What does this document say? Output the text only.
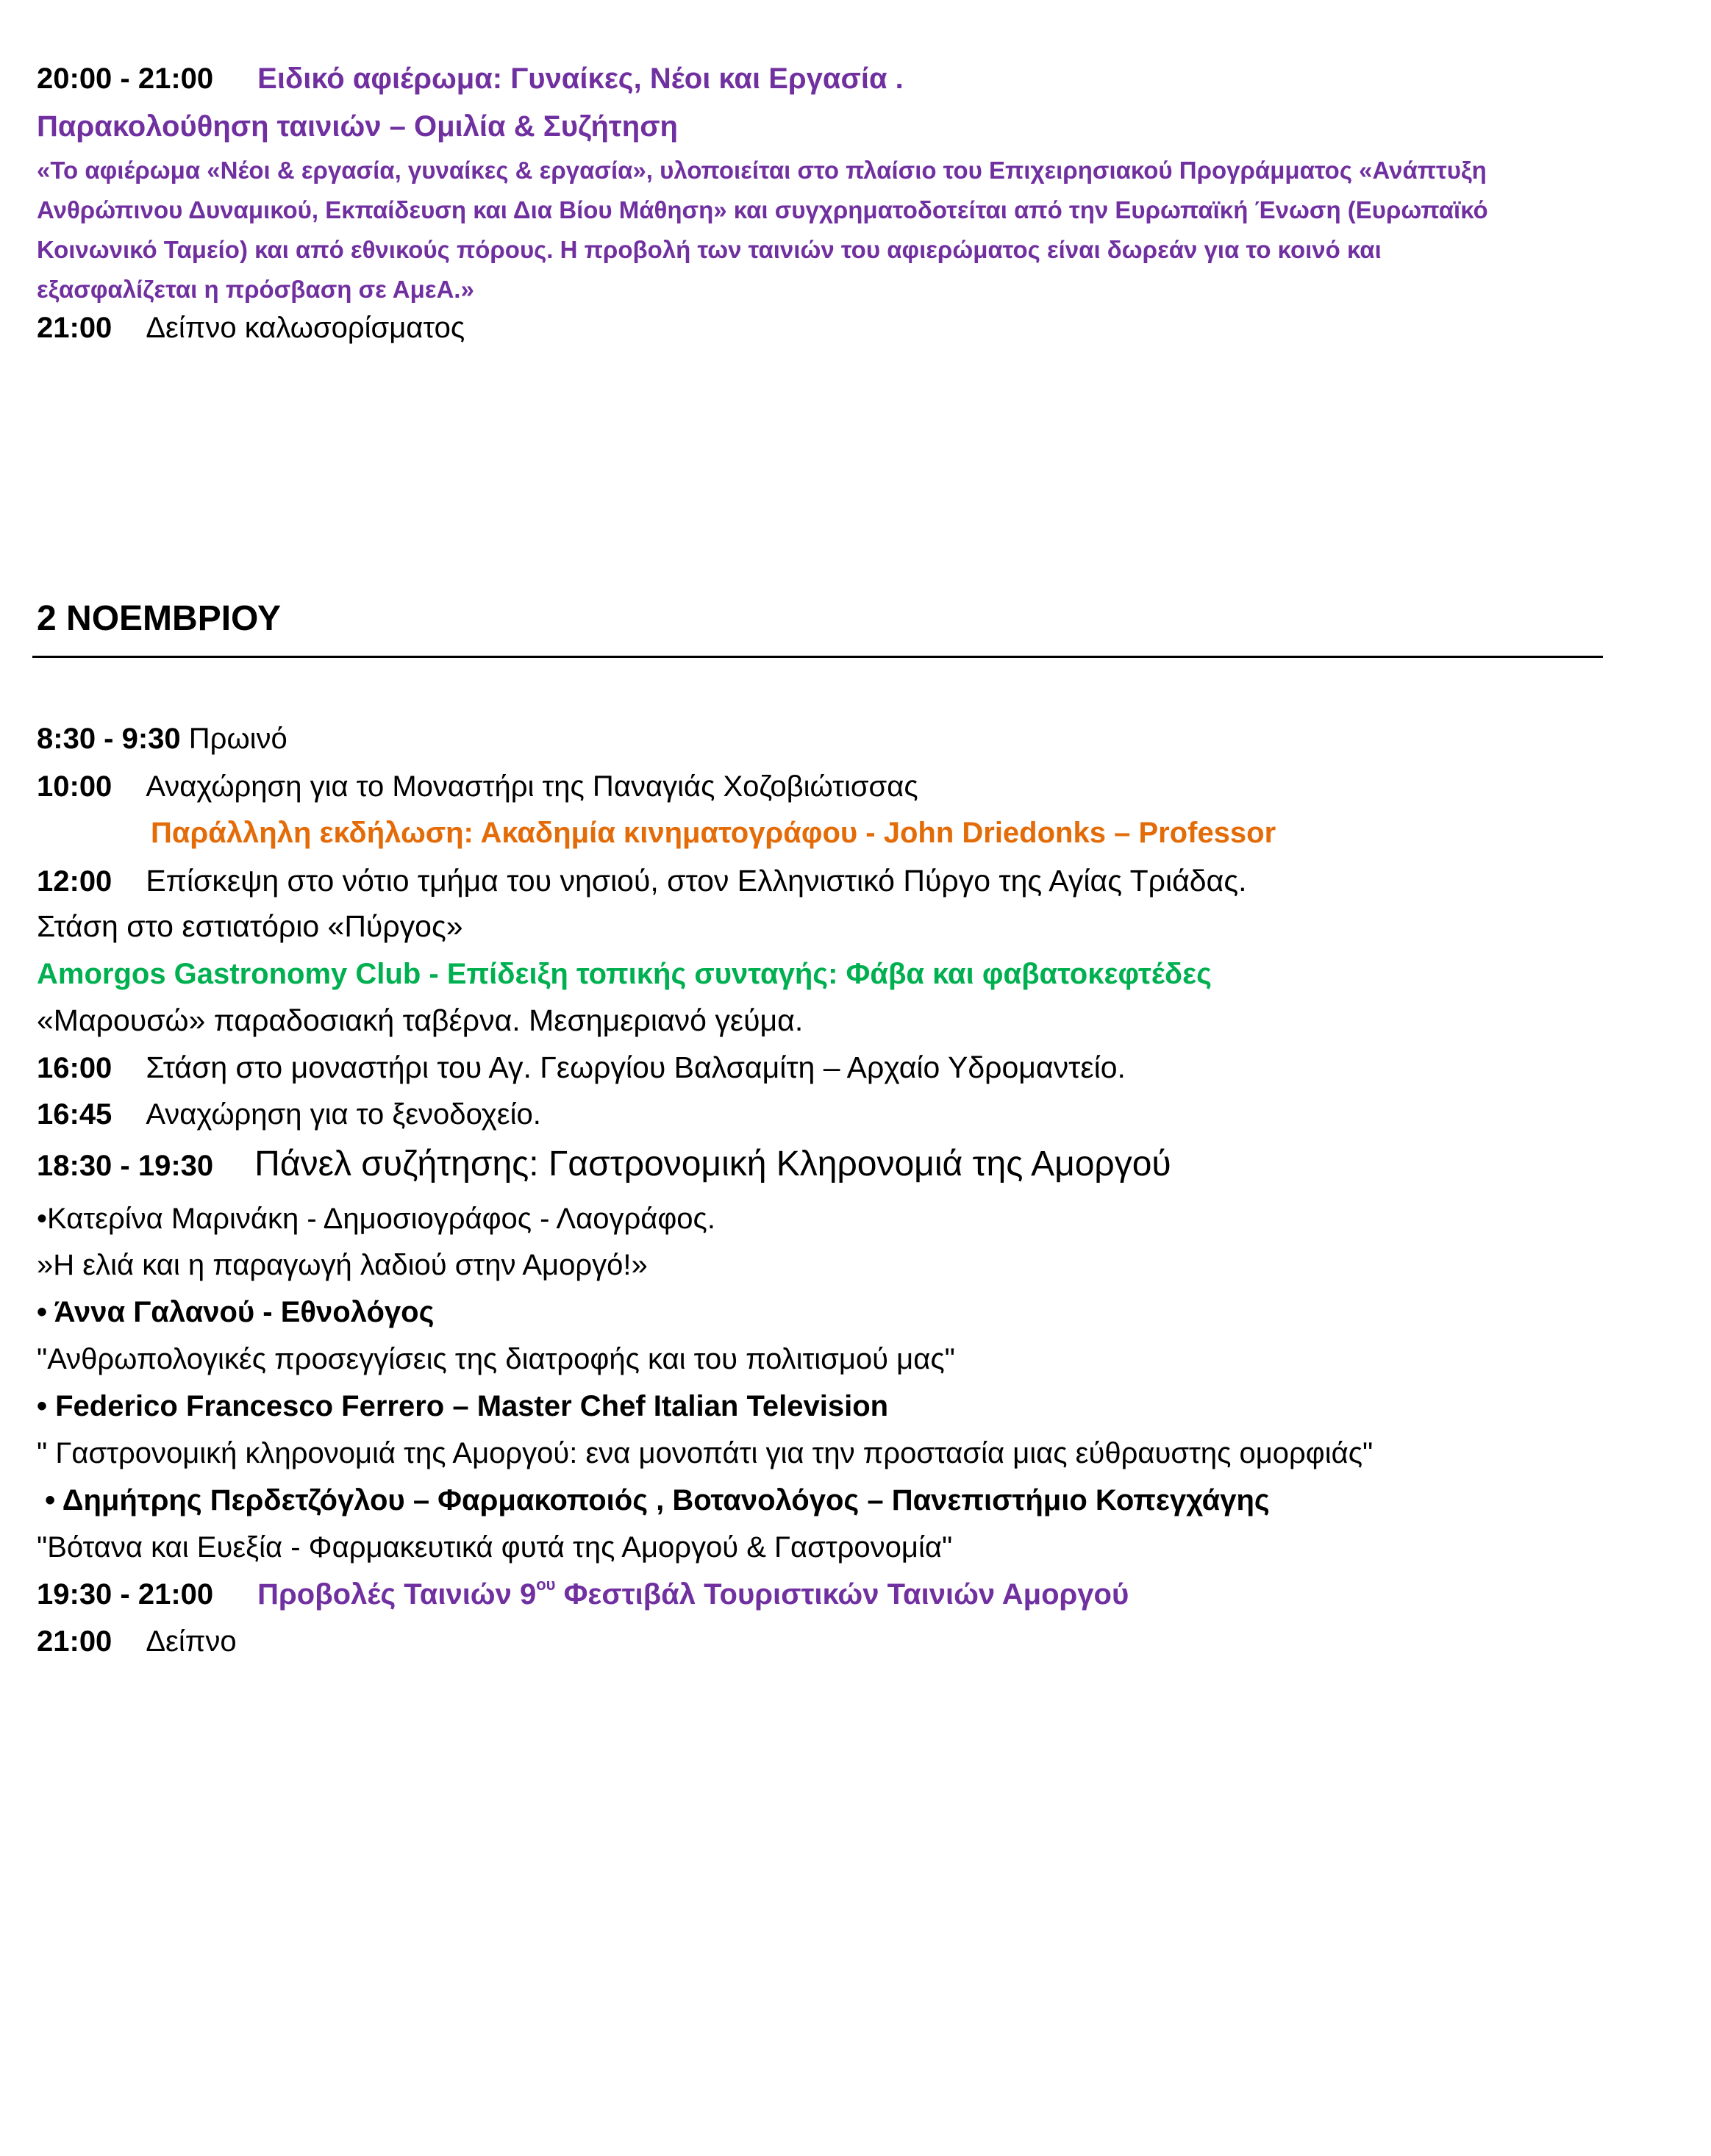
20:00 - 21:00 Ειδικό αφιέρωμα: Γυναίκες, Νέοι και Εργασία .
Παρακολούθηση ταινιών – Ομιλία & Συζήτηση
«Το αφιέρωμα «Νέοι & εργασία, γυναίκες & εργασία», υλοποιείται στο πλαίσιο του Επιχειρησιακού Προγράμματος «Ανάπτυξη
Ανθρώπινου Δυναμικού, Εκπαίδευση και Δια Βίου Μάθηση» και συγχρηματοδοτείται από την Ευρωπαϊκή Ένωση (Ευρωπαϊκό
Κοινωνικό Ταμείο) και από εθνικούς πόρους. Η προβολή των ταινιών του αφιερώματος είναι δωρεάν για το κοινό και
εξασφαλίζεται η πρόσβαση σε ΑμεΑ.»
21:00 Δείπνο καλωσορίσματος
2 ΝΟΕΜΒΡΙΟΥ
8:30 - 9:30 Πρωινό
10:00 Αναχώρηση για το Μοναστήρι της Παναγιάς Χοζοβιώτισσας
Παράλληλη εκδήλωση: Ακαδημία κινηματογράφου - John Driedonks – Professor
12:00 Επίσκεψη στο νότιο τμήμα του νησιού, στον Ελληνιστικό Πύργο της Αγίας Τριάδας.
Στάση στο εστιατόριο «Πύργος»
Amorgos Gastronomy Club - Επίδειξη τοπικής συνταγής: Φάβα και φαβατοκεφτέδες
«Μαρουσώ» παραδοσιακή ταβέρνα. Μεσημεριανό γεύμα.
16:00 Στάση στο μοναστήρι του Αγ. Γεωργίου Βαλσαμίτη – Αρχαίο Υδρομαντείο.
16:45 Αναχώρηση για το ξενοδοχείο.
18:30 - 19:30 Πάνελ συζήτησης: Γαστρονομική Κληρονομιά της Αμοργού
•Κατερίνα Μαρινάκη - Δημοσιογράφος - Λαογράφος.
»Η ελιά και η παραγωγή λαδιού στην Αμοργό!»
• Άννα Γαλανού - Εθνολόγος
"Ανθρωπολογικές προσεγγίσεις της διατροφής και του πολιτισμού μας"
• Federico Francesco Ferrero – Master Chef Italian Television
" Γαστρονομική κληρονομιά της Αμοργού: ενα μονοπάτι για την προστασία μιας εύθραυστης ομορφιάς"
• Δημήτρης Περδετζόγλου – Φαρμακοποιός , Βοτανολόγος – Πανεπιστήμιο Κοπεγχάγης
"Βότανα και Ευεξία - Φαρμακευτικά φυτά της Αμοργού & Γαστρονομία"
19:30 - 21:00 Προβολές Ταινιών $9^{o\upsilon}$ Φεστιβάλ Τουριστικών Ταινιών Αμοργού
21:00 Δείπνο
